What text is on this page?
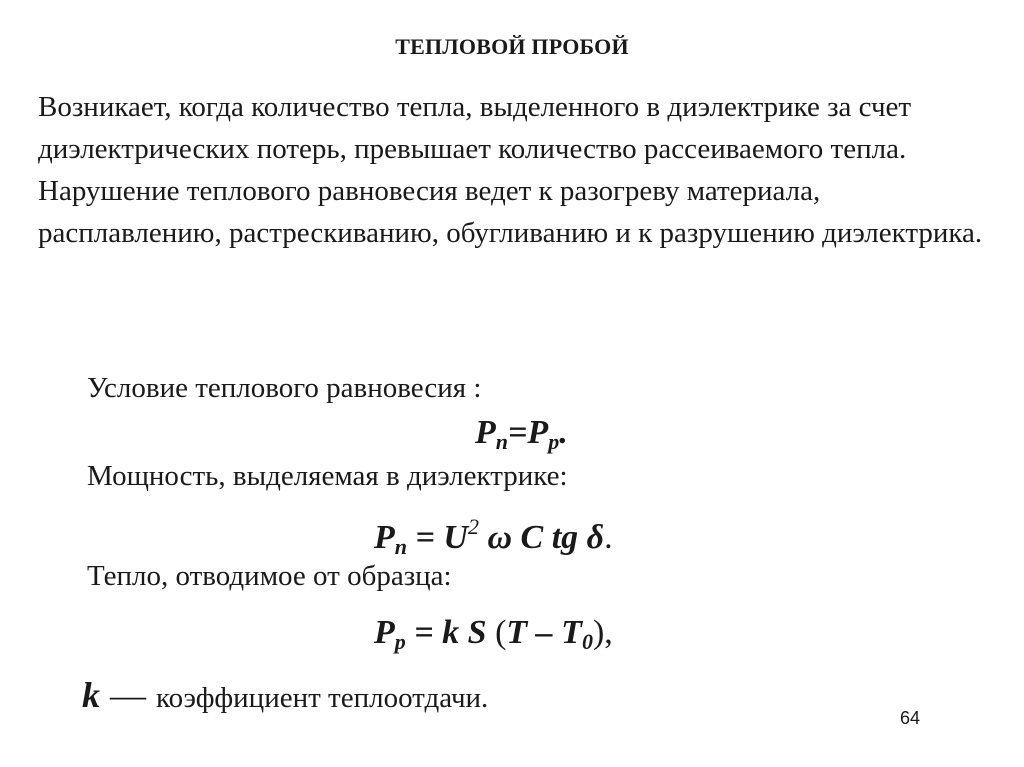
ТЕПЛОВОЙ ПРОБОЙ

Возникает, когда количество тепла, выделенного в диэлектрике за счет диэлектрических потерь, превышает количество рассеиваемого тепла.

Нарушение теплового равновесия ведет к разогреву материала, расплавлению, растрескиванию, обугливанию и к разрушению диэлектрика.

Условие теплового равновесия :
$P_n=P_p$.
Мощность, выделяемая в диэлектрике:
$P_n = U^2$ ω C tg δ.
Тепло, отводимое от образца:
$P_p = k$ S $(T - T_0)$,
k — коэффициент теплоотдачи.
64
